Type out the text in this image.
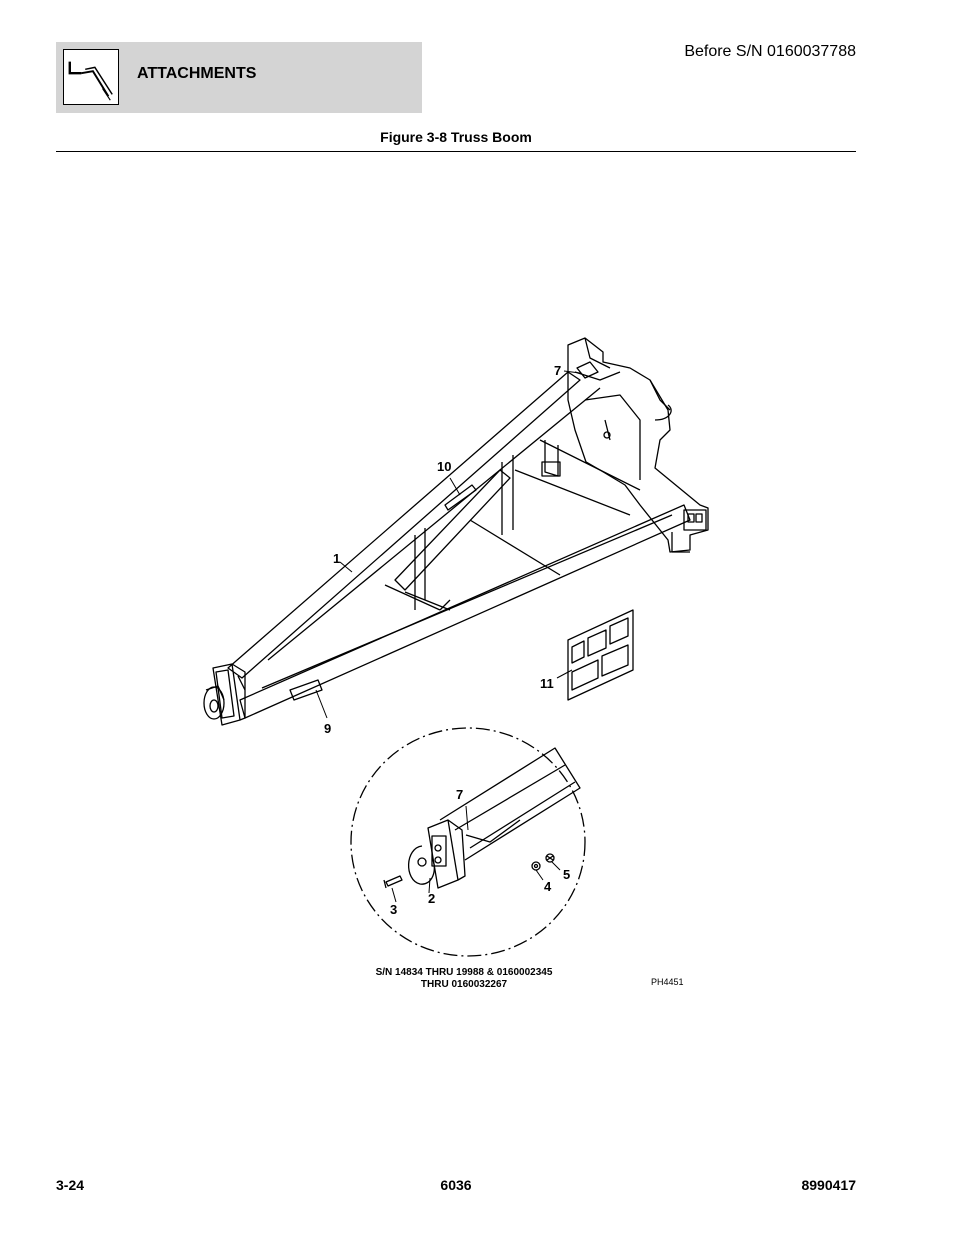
ATTACHMENTS
Before S/N 0160037788
Figure 3-8 Truss Boom
1
7
10
9
11
7
2
3
4
5
S/N 14834 THRU 19988 & 0160002345
THRU 0160032267	PH4451
3-24	6036	8990417
